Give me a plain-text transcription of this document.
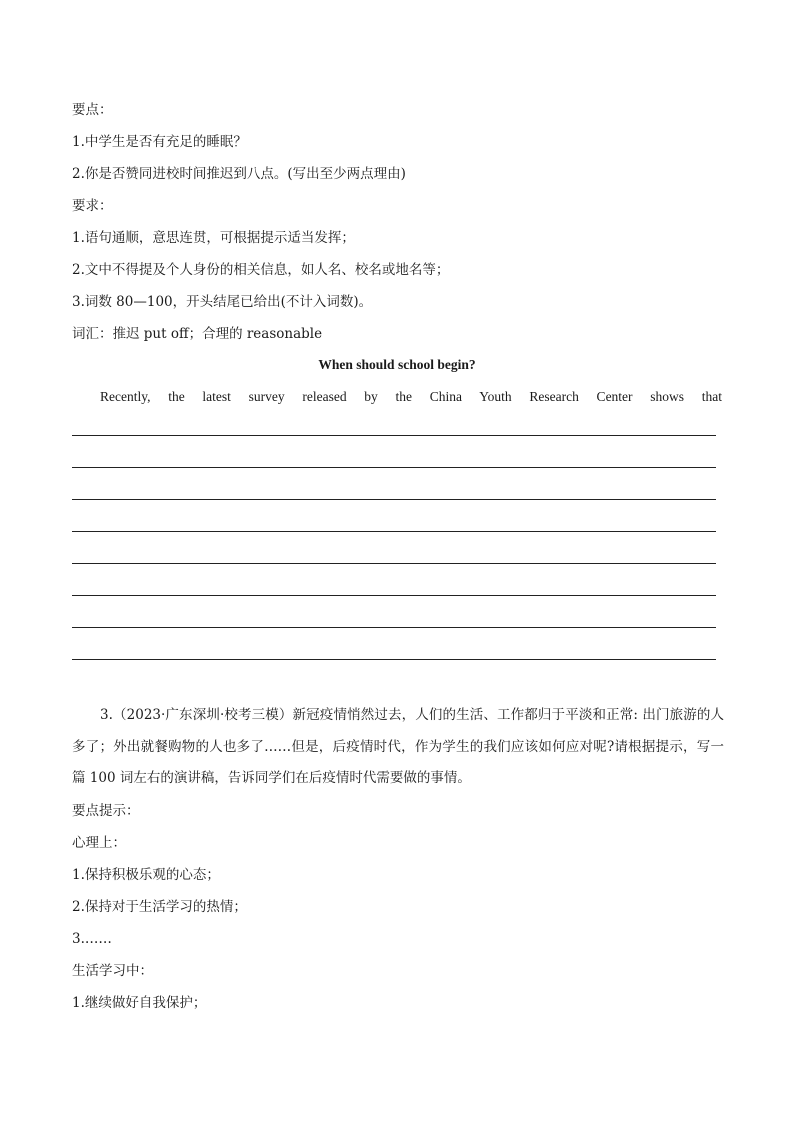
要点：
1.中学生是否有充足的睡眠？
2.你是否赞同进校时间推迟到八点。(写出至少两点理由)
要求：
1.语句通顺，意思连贯，可根据提示适当发挥；
2.文中不得提及个人身份的相关信息，如人名、校名或地名等；
3.词数 80—100，开头结尾已给出(不计入词数)。
词汇：推迟 put off；合理的 reasonable
When should school begin?
Recently, the latest survey released by the China Youth Research Center shows that
3.（2023·广东深圳·校考三模）新冠疫情悄然过去，人们的生活、工作都归于平淡和正常: 出门旅游的人多了；外出就餐购物的人也多了……但是，后疫情时代，作为学生的我们应该如何应对呢?请根据提示，写一篇 100 词左右的演讲稿，告诉同学们在后疫情时代需要做的事情。
要点提示：
心理上：
1.保持积极乐观的心态；
2.保持对于生活学习的热情；
3.……
生活学习中：
1.继续做好自我保护；
